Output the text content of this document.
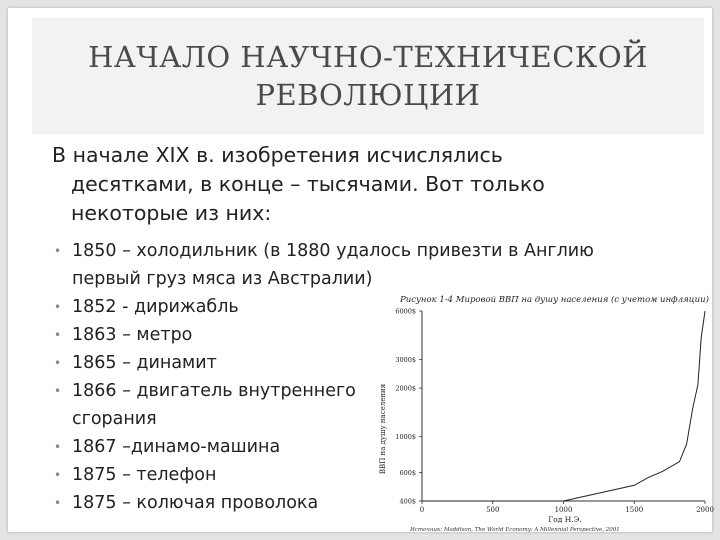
НАЧАЛО НАУЧНО-ТЕХНИЧЕСКОЙ
РЕВОЛЮЦИИ
В начале XIX в. изобретения исчислялись
десятками, в конце – тысячами. Вот только
некоторые из них:
• 1850 – холодильник (в 1880 удалось привезти в Англию
первый груз мяса из Австралии)
• 1852 - дирижабль
• 1863 – метро
• 1865 – динамит
• 1866 – двигатель внутреннего
сгорания
• 1867 –динамо-машина
• 1875 – телефон
• 1875 – колючая проволока
Рисунок 1-4 Мировой ВВП на душу населения (с учетом инфляции)
ВВП на душу населения
Год Н.Э.
Источник: Maddison, The World Economy: A Millennial Perspective, 2001
0	500	1000	1500	2000
400$
600$
1000$
2000$
3000$
6000$
